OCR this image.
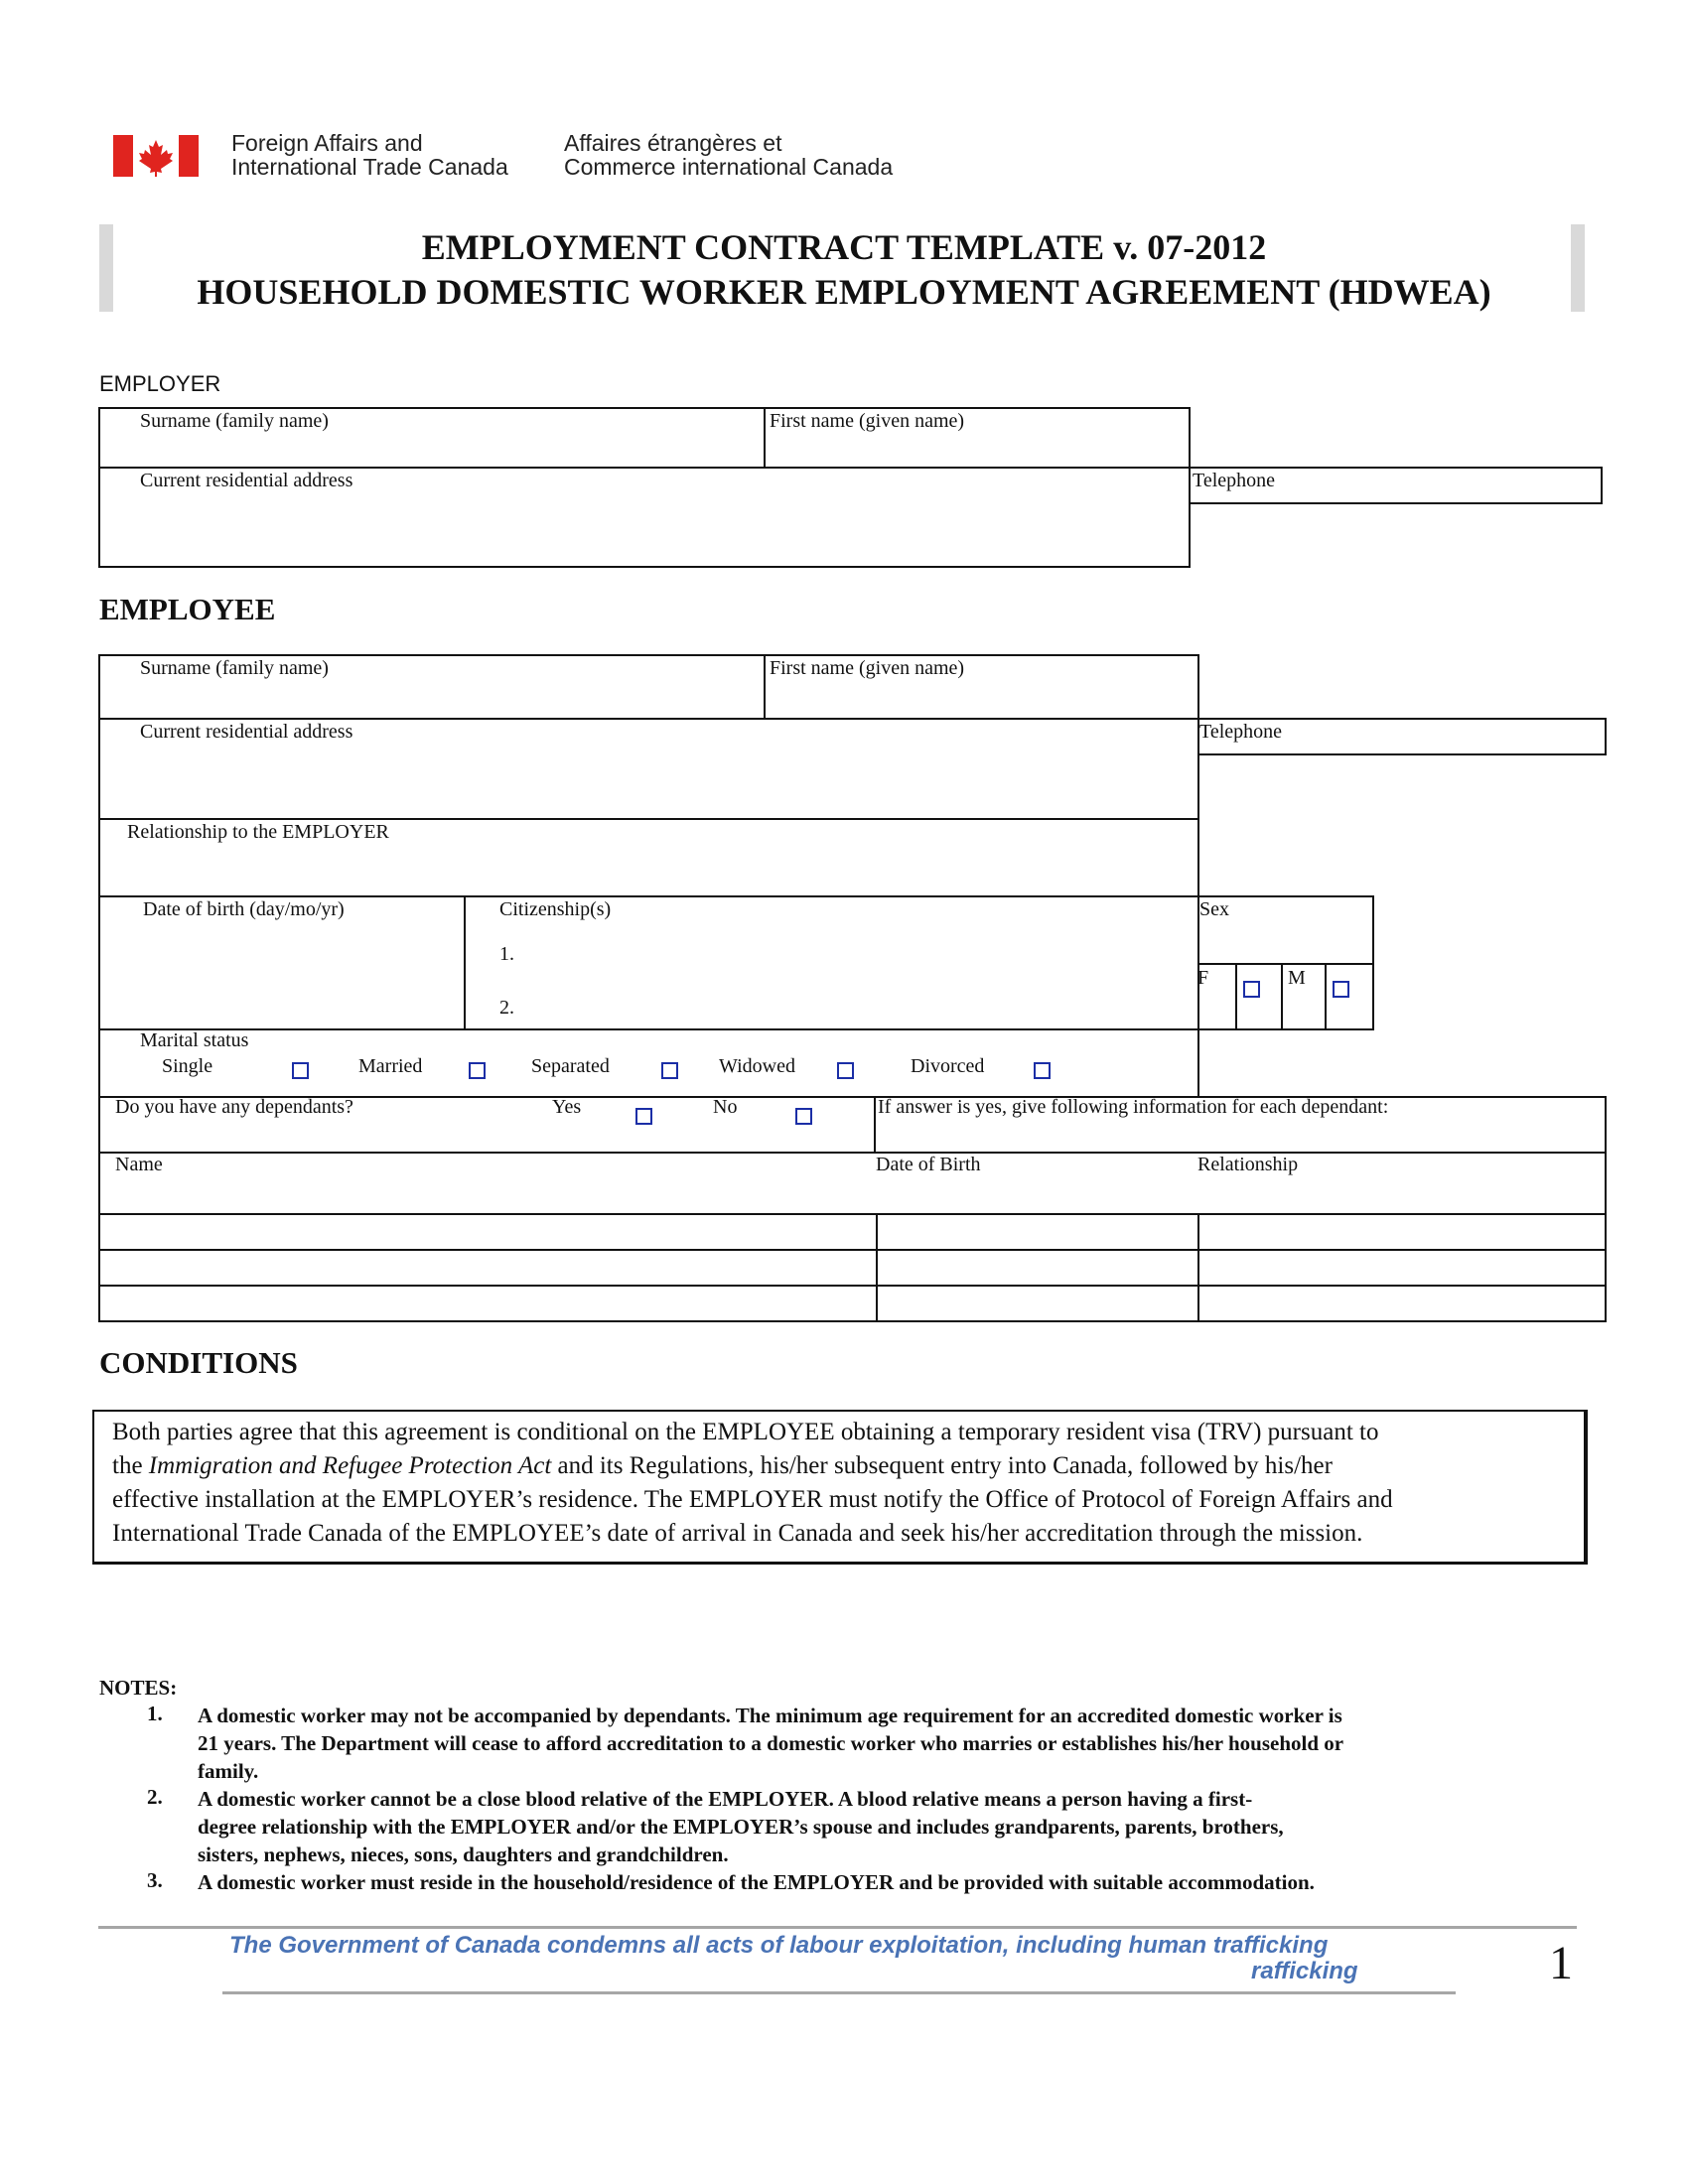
Foreign Affairs and
International Trade Canada
Affaires étrangères et
Commerce international Canada
EMPLOYMENT CONTRACT TEMPLATE v. 07-2012
HOUSEHOLD DOMESTIC WORKER EMPLOYMENT AGREEMENT (HDWEA)
EMPLOYER
Surname (family name)	First name (given name)
Current residential address	Telephone
EMPLOYEE
Surname (family name)	First name (given name)
Current residential address	Telephone
Relationship to the EMPLOYER
Date of birth (day/mo/yr)	Citizenship(s)
1.
2.
Sex
F	M
Marital status
Single	Married	Separated	Widowed	Divorced
Do you have any dependants?	Yes	No	If answer is yes, give following information for each dependant:
Name	Date of Birth	Relationship
CONDITIONS
Both parties agree that this agreement is conditional on the EMPLOYEE obtaining a temporary resident visa (TRV) pursuant to
the Immigration and Refugee Protection Act and its Regulations, his/her subsequent entry into Canada, followed by his/her
effective installation at the EMPLOYER’s residence. The EMPLOYER must notify the Office of Protocol of Foreign Affairs and
International Trade Canada of the EMPLOYEE’s date of arrival in Canada and seek his/her accreditation through the mission.
NOTES:
1. A domestic worker may not be accompanied by dependants. The minimum age requirement for an accredited domestic worker is
21 years. The Department will cease to afford accreditation to a domestic worker who marries or establishes his/her household or
family.
2. A domestic worker cannot be a close blood relative of the EMPLOYER. A blood relative means a person having a first-
degree relationship with the EMPLOYER and/or the EMPLOYER’s spouse and includes grandparents, parents, brothers,
sisters, nephews, nieces, sons, daughters and grandchildren.
3. A domestic worker must reside in the household/residence of the EMPLOYER and be provided with suitable accommodation.
The Government of Canada condemns all acts of labour exploitation, including human trafficking
rafficking	1
